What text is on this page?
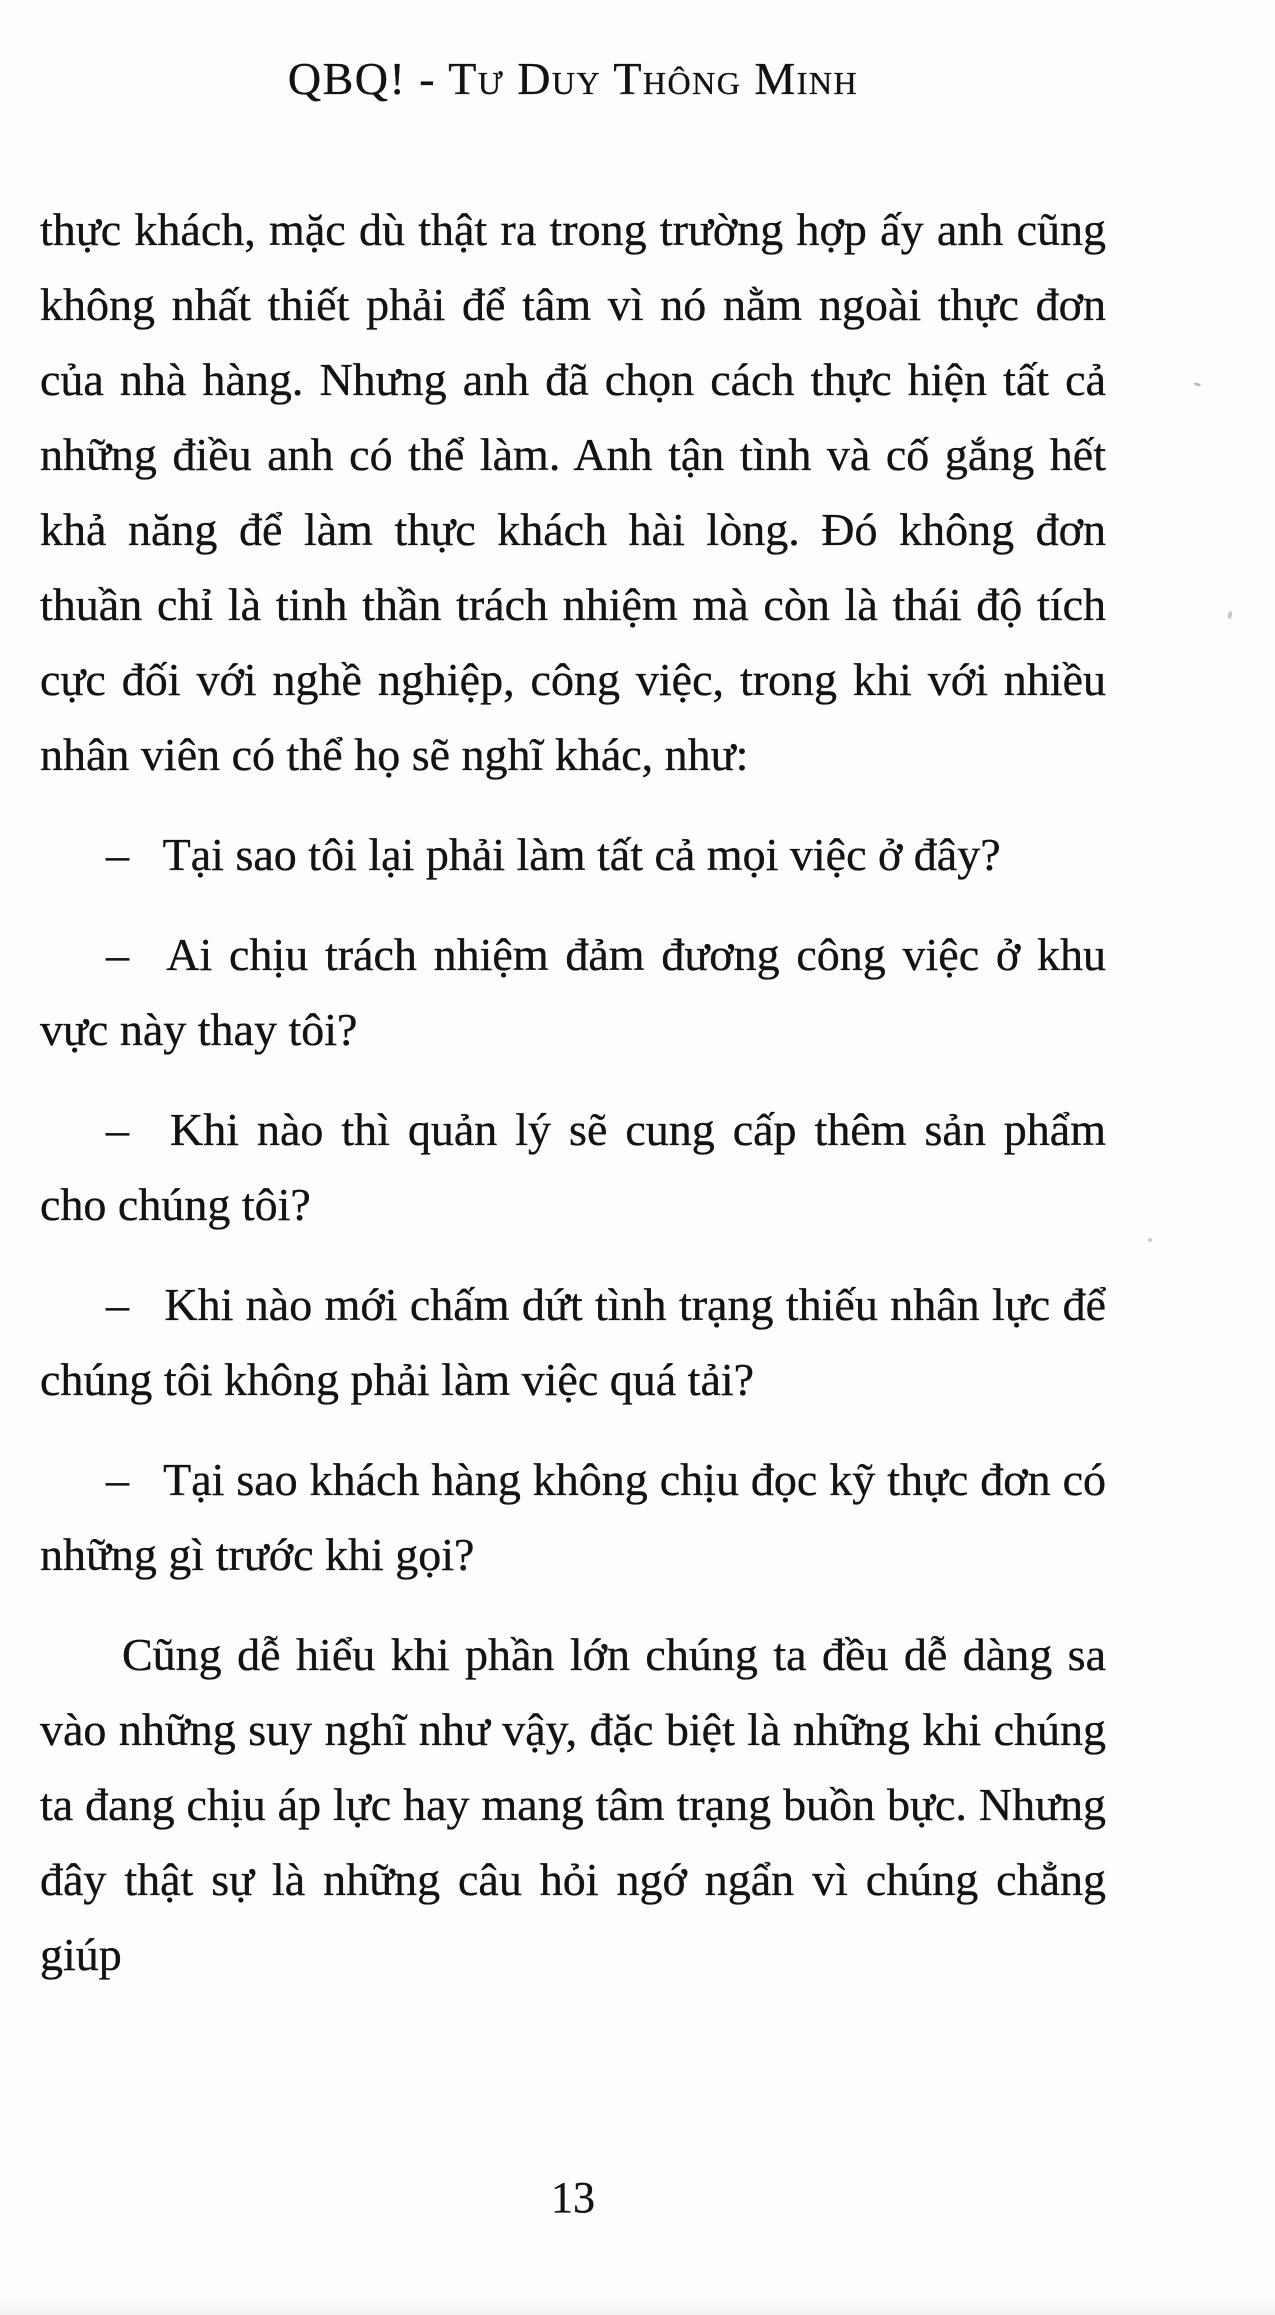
QBQ! - Tư Duy Thông Minh

thực khách, mặc dù thật ra trong trường hợp ấy anh cũng không nhất thiết phải để tâm vì nó nằm ngoài thực đơn của nhà hàng. Nhưng anh đã chọn cách thực hiện tất cả những điều anh có thể làm. Anh tận tình và cố gắng hết khả năng để làm thực khách hài lòng. Đó không đơn thuần chỉ là tinh thần trách nhiệm mà còn là thái độ tích cực đối với nghề nghiệp, công việc, trong khi với nhiều nhân viên có thể họ sẽ nghĩ khác, như:

–  Tại sao tôi lại phải làm tất cả mọi việc ở đây?

–  Ai chịu trách nhiệm đảm đương công việc ở khu vực này thay tôi?

–  Khi nào thì quản lý sẽ cung cấp thêm sản phẩm cho chúng tôi?

–  Khi nào mới chấm dứt tình trạng thiếu nhân lực để chúng tôi không phải làm việc quá tải?

–  Tại sao khách hàng không chịu đọc kỹ thực đơn có những gì trước khi gọi?

Cũng dễ hiểu khi phần lớn chúng ta đều dễ dàng sa vào những suy nghĩ như vậy, đặc biệt là những khi chúng ta đang chịu áp lực hay mang tâm trạng buồn bực. Nhưng đây thật sự là những câu hỏi ngớ ngẩn vì chúng chẳng giúp

13
